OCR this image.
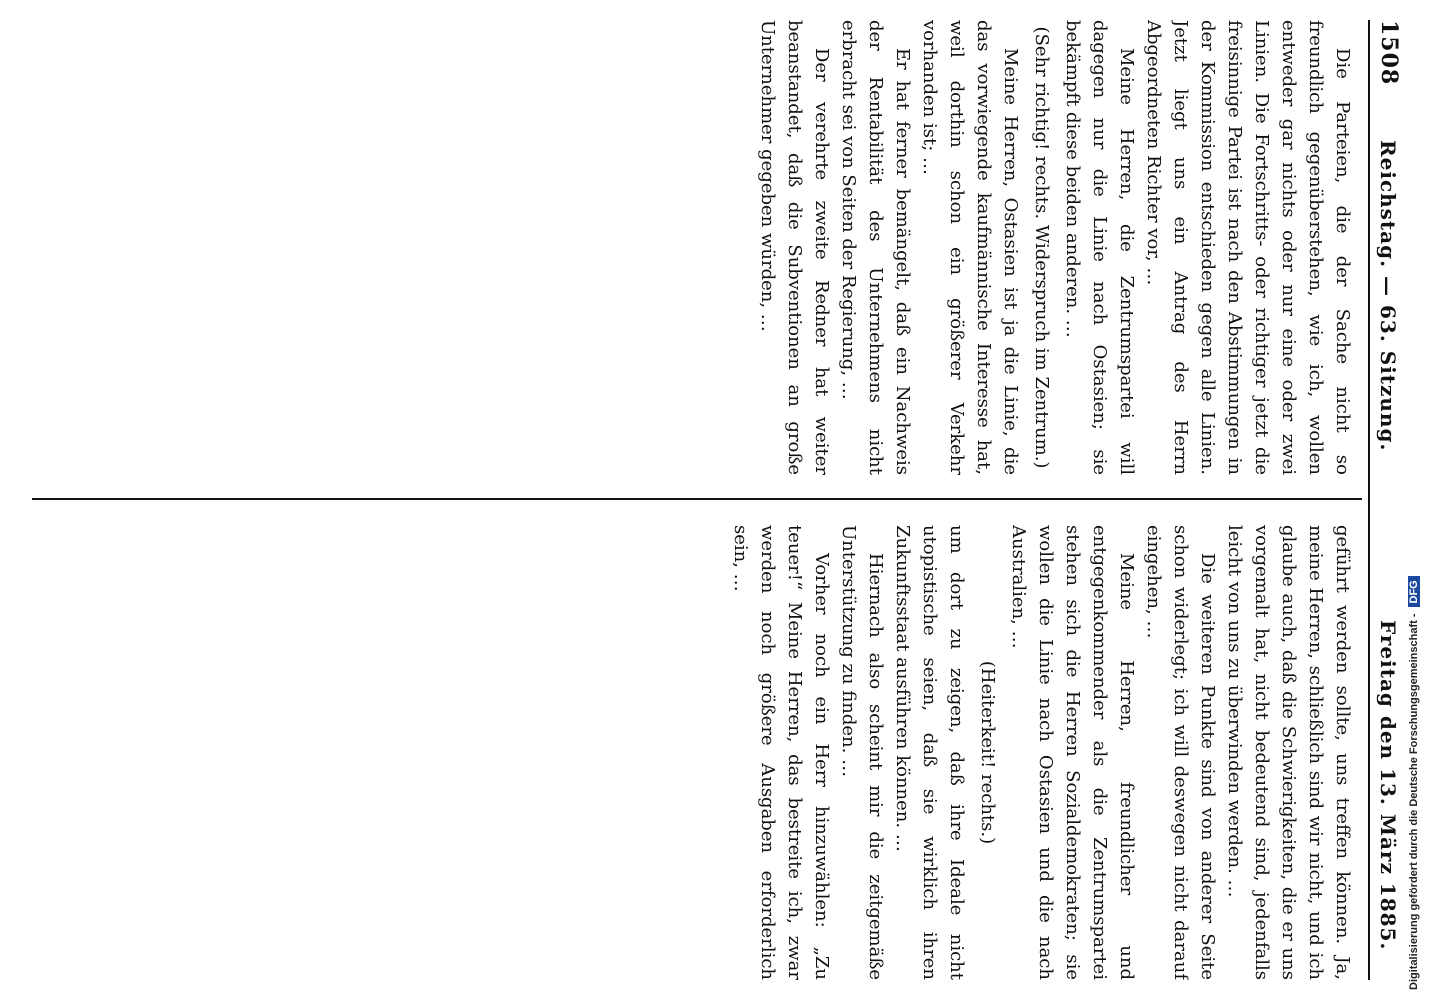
1508
Reichstag. — 63. Sitzung.
Freitag den 13. März 1885.

Die Parteien, die der Sache nicht so freundlich gegenüberstehen, wie ich, wollen entweder gar nichts oder nur eine oder zwei Linien. Die Fortschritts- oder richtiger jetzt die freisinnige Partei ist nach den Abstimmungen in der Kommission entschieden gegen alle Linien. Jetzt liegt uns ein Antrag des Herrn Abgeordneten Richter vor, …

Meine Herren, die Zentrumspartei will dagegen nur die Linie nach Ostasien; sie bekämpft diese beiden anderen. …

(Sehr richtig! rechts. Widerspruch im Zentrum.)

Meine Herren, Ostasien ist ja die Linie, die das vorwiegende kaufmännische Interesse hat, weil dorthin schon ein größerer Verkehr vorhanden ist; …

Er hat ferner bemängelt, daß ein Nachweis der Rentabilität des Unternehmens nicht erbracht sei von Seiten der Regierung, …

Der verehrte zweite Redner hat weiter beanstandet, daß die Subventionen an große Unternehmer gegeben würden, …

geführt werden sollte, uns treffen können. Ja, meine Herren, schließlich sind wir nicht, und ich glaube auch, daß die Schwierigkeiten, die er uns vorgemalt hat, nicht bedeutend sind, jedenfalls leicht von uns zu überwinden werden. …

Die weiteren Punkte sind von anderer Seite schon widerlegt; ich will deswegen nicht darauf eingehen, …

Meine Herren, freundlicher und entgegenkommender als die Zentrumspartei stehen sich die Herren Sozialdemokraten; sie wollen die Linie nach Ostasien und die nach Australien, …

(Heiterkeit! rechts.)

um dort zu zeigen, daß ihre Ideale nicht utopistische seien, daß sie wirklich ihren Zukunftsstaat ausführen können. …

Hiernach also scheint mir die zeitgemäße Unterstützung zu finden. …

Vorher noch ein Herr hinzuwählen: „Zu teuer!“ Meine Herren, das bestreite ich, zwar werden noch größere Ausgaben erforderlich sein, …

Digitalisierung gefördert durch die Deutsche Forschungsgemeinschaft -DFG
